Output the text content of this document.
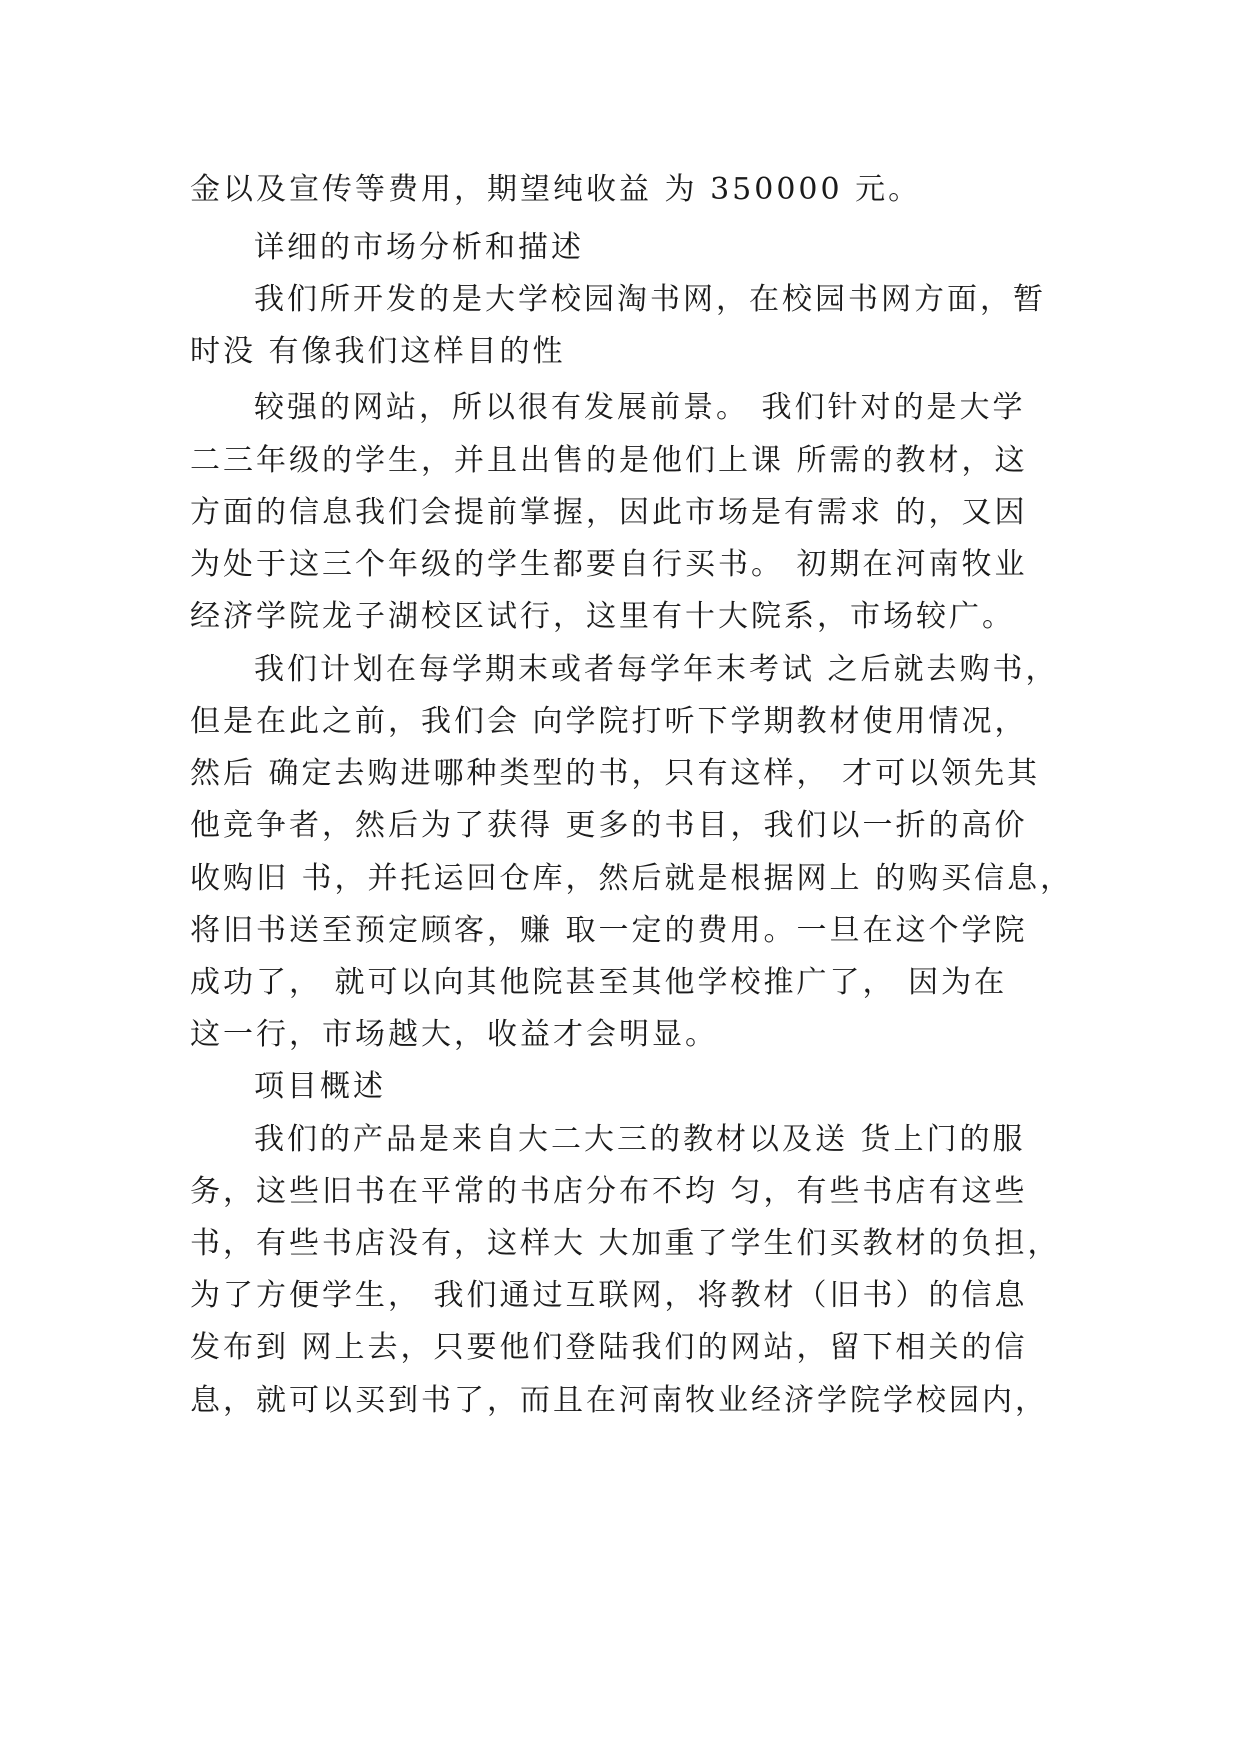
金以及宣传等费用，期望纯收益 为 350000 元。
详细的市场分析和描述
我们所开发的是大学校园淘书网，在校园书网方面，暂
时没 有像我们这样目的性
较强的网站，所以很有发展前景。 我们针对的是大学
二三年级的学生，并且出售的是他们上课 所需的教材，这
方面的信息我们会提前掌握，因此市场是有需求 的，又因
为处于这三个年级的学生都要自行买书。 初期在河南牧业
经济学院龙子湖校区试行，这里有十大院系，市场较广。
我们计划在每学期末或者每学年末考试 之后就去购书，
但是在此之前，我们会 向学院打听下学期教材使用情况，
然后 确定去购进哪种类型的书，只有这样， 才可以领先其
他竞争者，然后为了获得 更多的书目，我们以一折的高价
收购旧 书，并托运回仓库，然后就是根据网上 的购买信息，
将旧书送至预定顾客，赚 取一定的费用。一旦在这个学院
成功了， 就可以向其他院甚至其他学校推广了， 因为在
这一行，市场越大，收益才会明显。
项目概述
我们的产品是来自大二大三的教材以及送 货上门的服
务，这些旧书在平常的书店分布不均 匀，有些书店有这些
书，有些书店没有，这样大 大加重了学生们买教材的负担，
为了方便学生， 我们通过互联网，将教材（旧书）的信息
发布到 网上去，只要他们登陆我们的网站，留下相关的信
息，就可以买到书了，而且在河南牧业经济学院学校园内，
